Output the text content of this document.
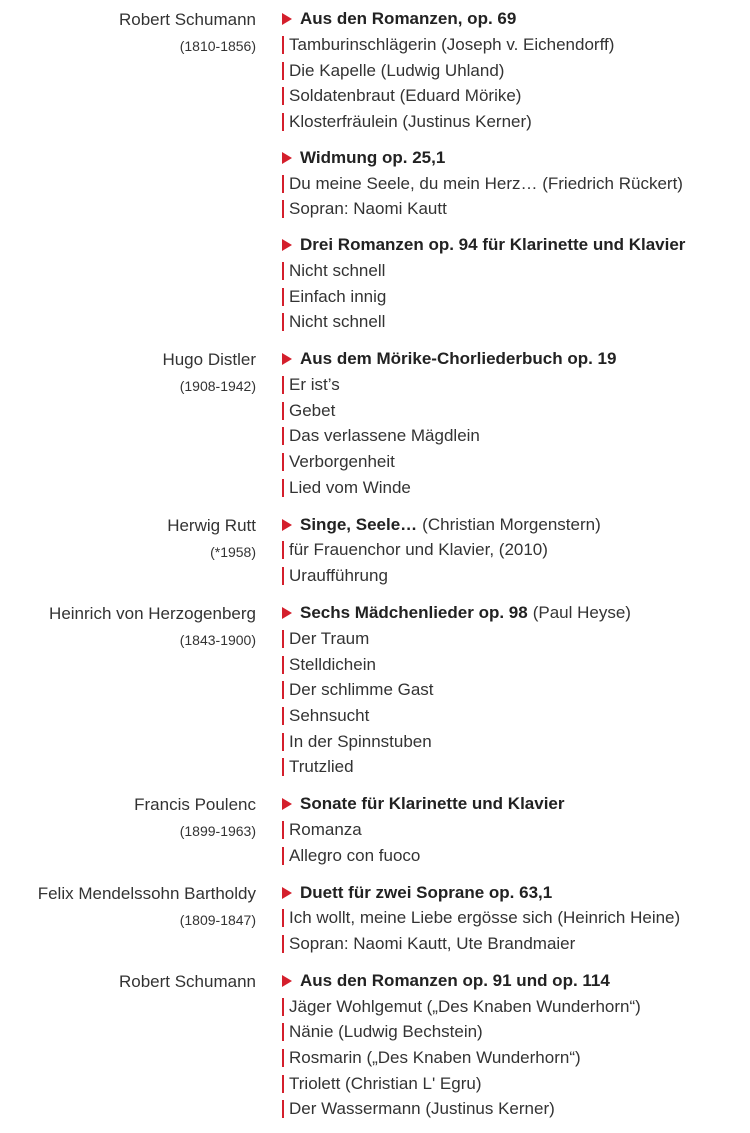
Robert Schumann
(1810-1856)
Aus den Romanzen, op. 69
Tamburinschlägerin (Joseph v. Eichendorff)
Die Kapelle (Ludwig Uhland)
Soldatenbraut (Eduard Mörike)
Klosterfräulein (Justinus Kerner)
Widmung op. 25,1
Du meine Seele, du mein Herz… (Friedrich Rückert)
Sopran: Naomi Kautt
Drei Romanzen op. 94 für Klarinette und Klavier
Nicht schnell
Einfach innig
Nicht schnell
Hugo Distler
(1908-1942)
Aus dem Mörike-Chorliederbuch op. 19
Er ist’s
Gebet
Das verlassene Mägdlein
Verborgenheit
Lied vom Winde
Herwig Rutt
(*1958)
Singe, Seele… (Christian Morgenstern)
für Frauenchor und Klavier, (2010)
Uraufführung
Heinrich von Herzogenberg
(1843-1900)
Sechs Mädchenlieder op. 98 (Paul Heyse)
Der Traum
Stelldichein
Der schlimme Gast
Sehnsucht
In der Spinnstuben
Trutzlied
Francis Poulenc
(1899-1963)
Sonate für Klarinette und Klavier
Romanza
Allegro con fuoco
Felix Mendelssohn Bartholdy
(1809-1847)
Duett für zwei Soprane op. 63,1
Ich wollt, meine Liebe ergösse sich (Heinrich Heine)
Sopran: Naomi Kautt, Ute Brandmaier
Robert Schumann	Aus den Romanzen op. 91 und op. 114
Jäger Wohlgemut („Des Knaben Wunderhorn“)
Nänie (Ludwig Bechstein)
Rosmarin („Des Knaben Wunderhorn“)
Triolett (Christian L' Egru)
Der Wassermann (Justinus Kerner)
